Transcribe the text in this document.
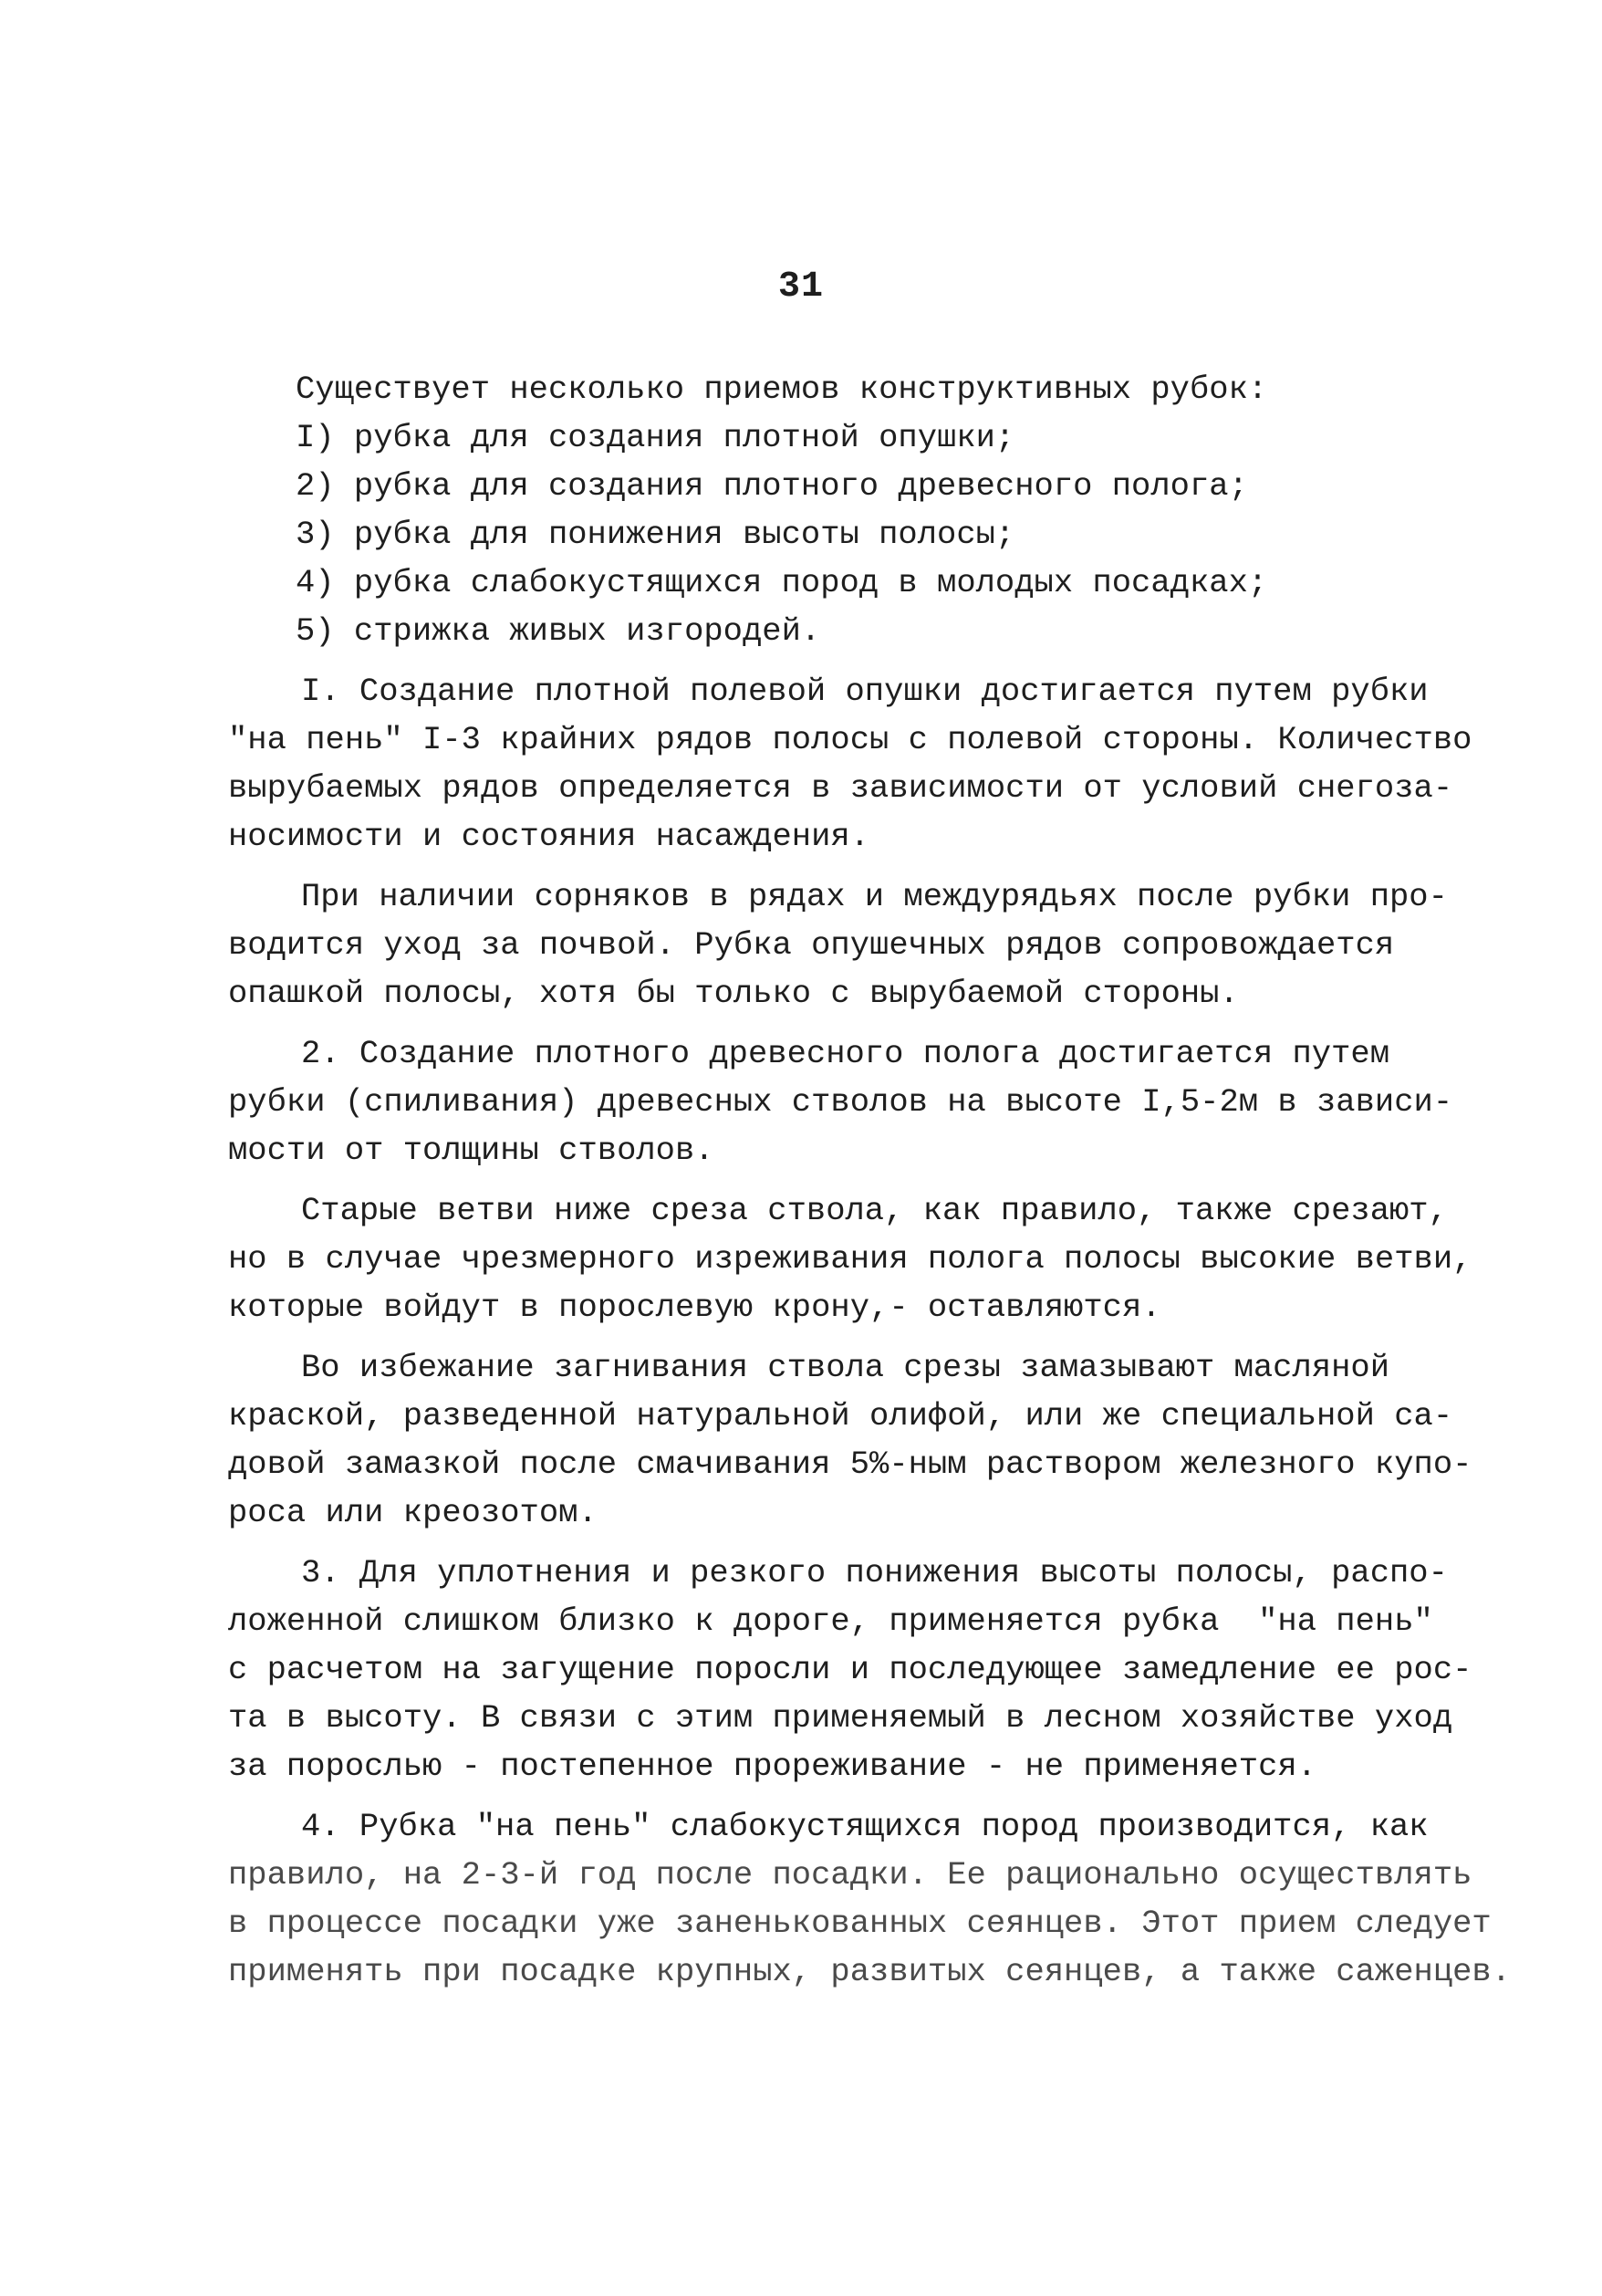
31
Существует несколько приемов конструктивных рубок:
I) рубка для создания плотной опушки;
2) рубка для создания плотного древесного полога;
3) рубка для понижения высоты полосы;
4) рубка слабокустящихся пород в молодых посадках;
5) стрижка живых изгородей.
I. Создание плотной полевой опушки достигается путем рубки
"на пень" I-3 крайних рядов полосы с полевой стороны. Количество
вырубаемых рядов определяется в зависимости от условий снегоза-
носимости и состояния насаждения.
При наличии сорняков в рядах и междурядьях после рубки про-
водится уход за почвой. Рубка опушечных рядов сопровождается
опашкой полосы, хотя бы только с вырубаемой стороны.
2. Создание плотного древесного полога достигается путем
рубки (спиливания) древесных стволов на высоте I,5-2м в зависи-
мости от толщины стволов.
Старые ветви ниже среза ствола, как правило, также срезают,
но в случае чрезмерного изреживания полога полосы высокие ветви,
которые войдут в порослевую крону,- оставляются.
Во избежание загнивания ствола срезы замазывают масляной
краской, разведенной натуральной олифой, или же специальной са-
довой замазкой после смачивания 5%-ным раствором железного купо-
роса или креозотом.
3. Для уплотнения и резкого понижения высоты полосы, распо-
ложенной слишком близко к дороге, применяется рубка  "на пень"
с расчетом на загущение поросли и последующее замедление ее рос-
та в высоту. В связи с этим применяемый в лесном хозяйстве уход
за порослью - постепенное прореживание - не применяется.
4. Рубка "на пень" слабокустящихся пород производится, как
правило, на 2-3-й год после посадки. Ее рационально осуществлять
в процессе посадки уже заненькованных сеянцев. Этот прием следует
применять при посадке крупных, развитых сеянцев, а также саженцев.
